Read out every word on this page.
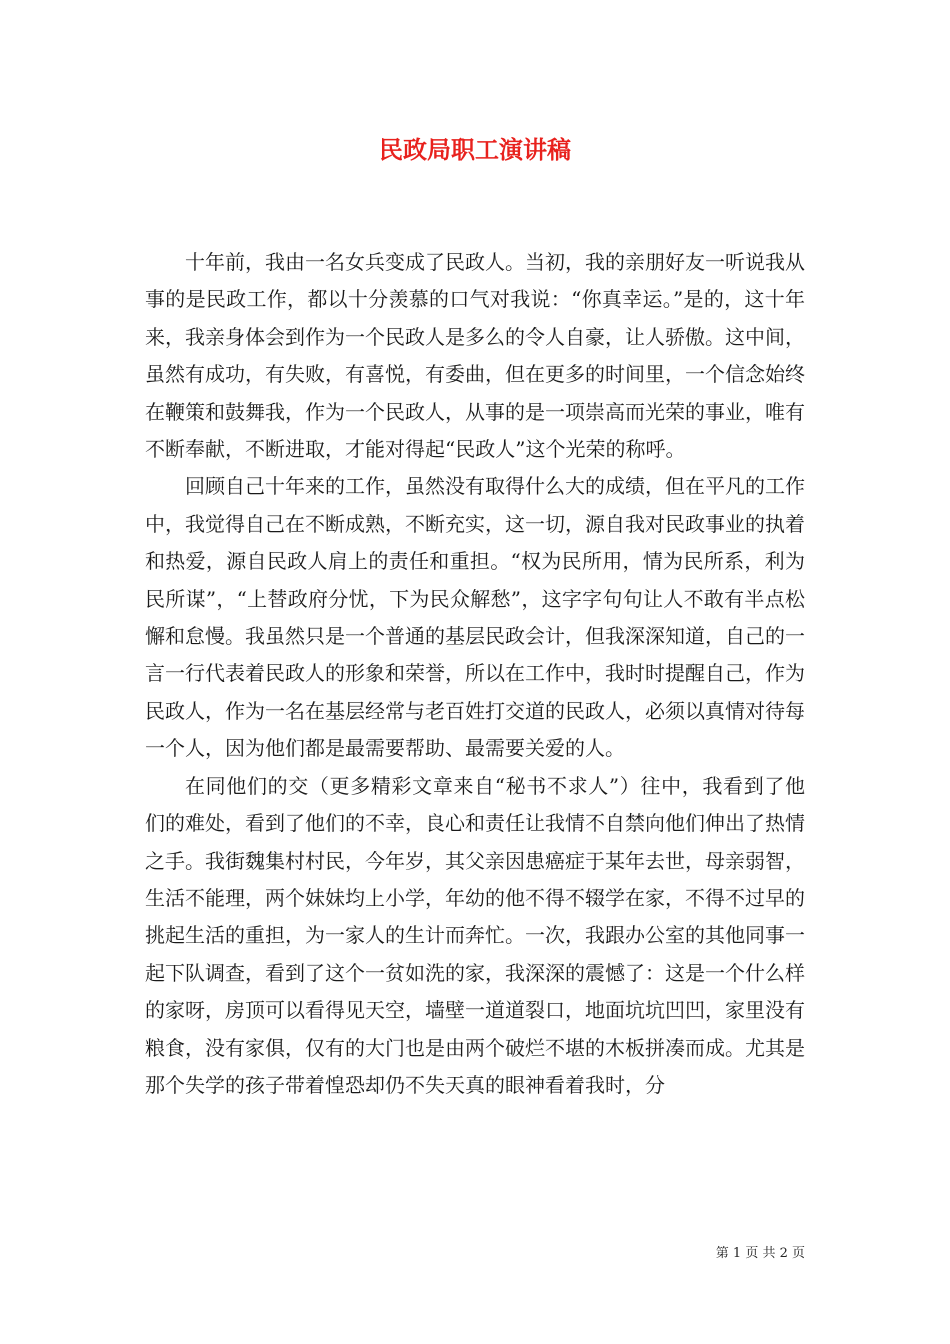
民政局职工演讲稿

十年前，我由一名女兵变成了民政人。当初，我的亲朋好友一听说我从事的是民政工作，都以十分羡慕的口气对我说：“你真幸运。”是的，这十年来，我亲身体会到作为一个民政人是多么的令人自豪，让人骄傲。这中间，虽然有成功，有失败，有喜悦，有委曲，但在更多的时间里，一个信念始终在鞭策和鼓舞我，作为一个民政人，从事的是一项崇高而光荣的事业，唯有不断奉献，不断进取，才能对得起“民政人”这个光荣的称呼。

回顾自己十年来的工作，虽然没有取得什么大的成绩，但在平凡的工作中，我觉得自己在不断成熟，不断充实，这一切，源自我对民政事业的执着和热爱，源自民政人肩上的责任和重担。“权为民所用，情为民所系，利为民所谋”，“上替政府分忧，下为民众解愁”，这字字句句让人不敢有半点松懈和怠慢。我虽然只是一个普通的基层民政会计，但我深深知道，自己的一言一行代表着民政人的形象和荣誉，所以在工作中，我时时提醒自己，作为民政人，作为一名在基层经常与老百姓打交道的民政人，必须以真情对待每一个人，因为他们都是最需要帮助、最需要关爱的人。

在同他们的交（更多精彩文章来自“秘书不求人”）往中，我看到了他们的难处，看到了他们的不幸，良心和责任让我情不自禁向他们伸出了热情之手。我街魏集村村民，今年岁，其父亲因患癌症于某年去世，母亲弱智，生活不能理，两个妹妹均上小学，年幼的他不得不辍学在家，不得不过早的挑起生活的重担，为一家人的生计而奔忙。一次，我跟办公室的其他同事一起下队调查，看到了这个一贫如洗的家，我深深的震憾了：这是一个什么样的家呀，房顶可以看得见天空，墙壁一道道裂口，地面坑坑凹凹，家里没有粮食，没有家俱，仅有的大门也是由两个破烂不堪的木板拼凑而成。尤其是那个失学的孩子带着惶恐却仍不失天真的眼神看着我时，分

第 1 页 共 2 页
